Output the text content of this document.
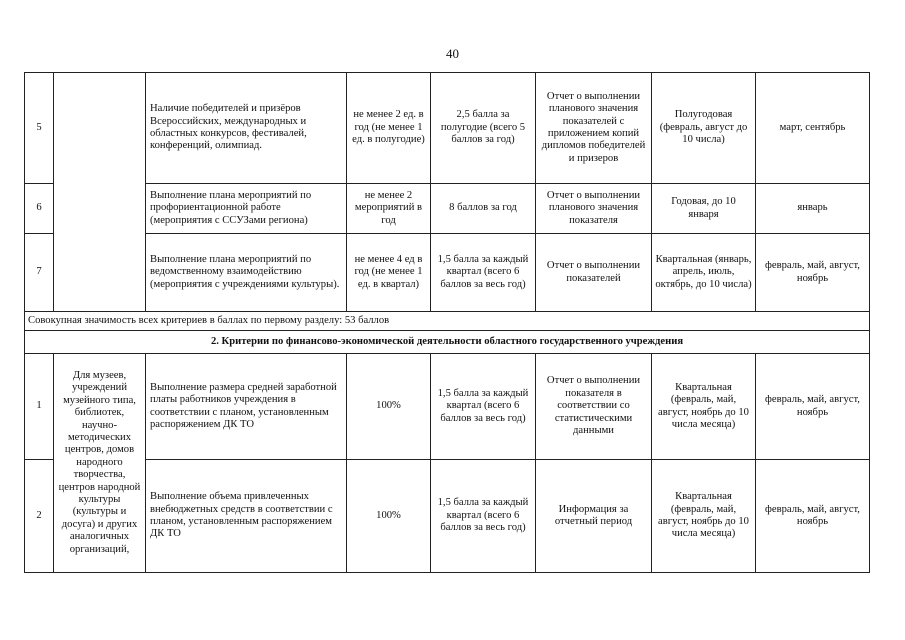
40
5		Наличие победителей и призёров Всероссийских, международных и областных конкурсов, фестивалей, конференций, олимпиад.	не менее 2 ед. в год (не менее 1 ед. в полугодие)	2,5 балла за полугодие (всего 5 баллов за год)	Отчет о выполнении планового значения показателей с приложением копий дипломов победителей и призеров	Полугодовая (февраль, август до 10 числа)	март, сентябрь
6		Выполнение плана мероприятий по профориентационной работе (мероприятия с ССУЗами региона)	не менее 2 мероприятий в год	8 баллов за год	Отчет о выполнении планового значения показателя	Годовая, до 10 января	январь
7		Выполнение плана мероприятий по ведомственному взаимодействию (мероприятия с учреждениями культуры).	не менее 4 ед в год (не менее 1 ед. в квартал)	1,5 балла за каждый квартал (всего 6 баллов за весь год)	Отчет о выполнении показателей	Квартальная (январь, апрель, июль, октябрь, до 10 числа)	февраль, май, август, ноябрь
Совокупная значимость всех критериев в баллах по первому разделу: 53 баллов							
2. Критерии по финансово-экономической деятельности областного государственного учреждения							
1	Для музеев, учреждений музейного типа, библиотек, научно-методических центров, домов народного творчества, центров народной культуры (культуры и досуга) и других аналогичных организаций,	Выполнение размера средней заработной платы работников учреждения в соответствии с планом, установленным распоряжением ДК ТО	100%	1,5 балла за каждый квартал (всего 6 баллов за весь год)	Отчет о выполнении показателя в соответствии со статистическими данными	Квартальная (февраль, май, август, ноябрь до 10 числа месяца)	февраль, май, август, ноябрь
2		Выполнение объема привлеченных внебюджетных средств в соответствии с планом, установленным распоряжением ДК ТО	100%	1,5 балла за каждый квартал (всего 6 баллов за весь год)	Информация за отчетный период	Квартальная (февраль, май, август, ноябрь до 10 числа месяца)	февраль, май, август, ноябрь
